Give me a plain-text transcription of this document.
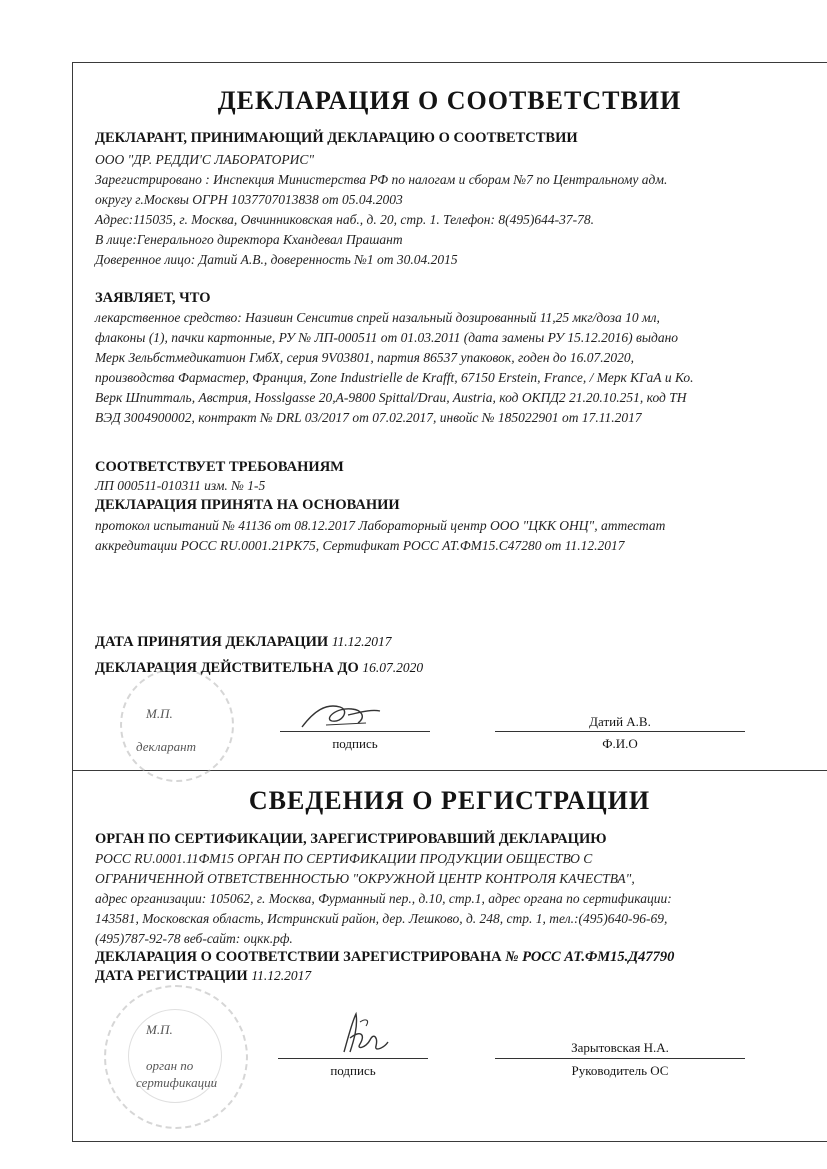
ДЕКЛАРАЦИЯ О СООТВЕТСТВИИ
ДЕКЛАРАНТ, ПРИНИМАЮЩИЙ ДЕКЛАРАЦИЮ О СООТВЕТСТВИИ
ООО "ДР. РЕДДИ'С ЛАБОРАТОРИС"
Зарегистрировано : Инспекция Министерства РФ по налогам и сборам №7 по Центральному адм.
округу г.Москвы ОГРН 1037707013838 от 05.04.2003
Адрес:115035, г. Москва, Овчинниковская наб., д. 20, стр. 1. Телефон: 8(495)644-37-78.
В лице:Генерального директора Кхандевал Прашант
Доверенное лицо: Датий А.В., доверенность №1 от 30.04.2015
ЗАЯВЛЯЕТ, ЧТО
лекарственное средство: Називин Сенситив спрей назальный дозированный 11,25 мкг/доза 10 мл,
флаконы (1), пачки картонные, РУ № ЛП-000511 от 01.03.2011 (дата замены РУ 15.12.2016) выдано
Мерк Зельбстмедикатион ГмбХ, серия 9V03801, партия 86537 упаковок, годен до 16.07.2020,
производства Фармастер, Франция, Zone Industrielle de Krafft, 67150 Erstein, France, / Мерк КГаА и Ко.
Верк Шпитталь, Австрия, Hosslgasse 20,A-9800 Spittal/Drau, Austria, код ОКПД2 21.20.10.251, код ТН
ВЭД 3004900002, контракт № DRL 03/2017 от 07.02.2017, инвойс № 185022901 от 17.11.2017
СООТВЕТСТВУЕТ ТРЕБОВАНИЯМ
ЛП 000511-010311 изм. № 1-5
ДЕКЛАРАЦИЯ ПРИНЯТА НА ОСНОВАНИИ
протокол испытаний № 41136 от 08.12.2017 Лабораторный центр ООО "ЦКК ОНЦ", аттестат
аккредитации РОСС RU.0001.21РК75, Сертификат РОСС АТ.ФМ15.С47280 от 11.12.2017
ДАТА ПРИНЯТИЯ ДЕКЛАРАЦИИ 11.12.2017
ДЕКЛАРАЦИЯ ДЕЙСТВИТЕЛЬНА ДО 16.07.2020
М.П.
декларант	подпись
Датий А.В.
Ф.И.О
СВЕДЕНИЯ О РЕГИСТРАЦИИ
ОРГАН ПО СЕРТИФИКАЦИИ, ЗАРЕГИСТРИРОВАВШИЙ ДЕКЛАРАЦИЮ
РОСС RU.0001.11ФМ15 ОРГАН ПО СЕРТИФИКАЦИИ ПРОДУКЦИИ ОБЩЕСТВО С
ОГРАНИЧЕННОЙ ОТВЕТСТВЕННОСТЬЮ "ОКРУЖНОЙ ЦЕНТР КОНТРОЛЯ КАЧЕСТВА",
адрес организации: 105062, г. Москва, Фурманный пер., д.10, стр.1, адрес органа по сертификации:
143581, Московская область, Истринский район, дер. Лешково, д. 248, стр. 1, тел.:(495)640-96-69,
(495)787-92-78 веб-сайт: оцкк.рф.
ДЕКЛАРАЦИЯ О СООТВЕТСТВИИ ЗАРЕГИСТРИРОВАНА № РОСС АТ.ФМ15.Д47790
ДАТА РЕГИСТРАЦИИ 11.12.2017
М.П.
орган по
сертификации
подпись
Зарытовская Н.А.
Руководитель ОС
